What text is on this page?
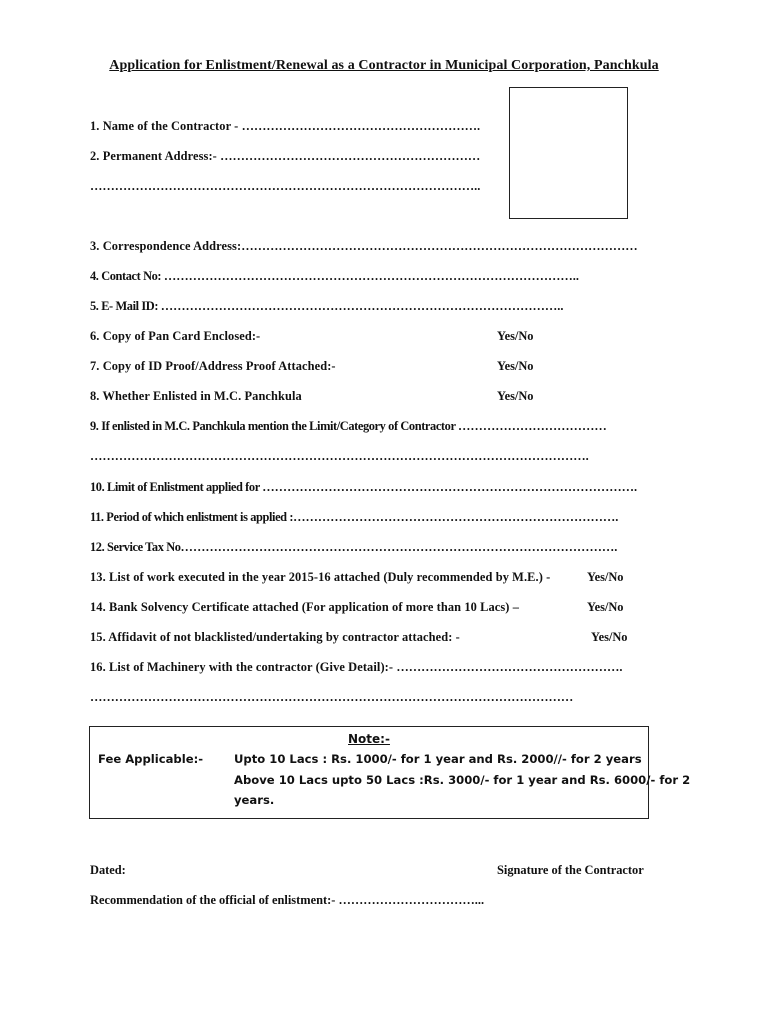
Application for Enlistment/Renewal as a Contractor in Municipal Corporation, Panchkula
1. Name of the Contractor - ………………………………………………….
2. Permanent Address:- ………………………………………………………
…………………………………………………………………………………..
3. Correspondence Address:……………………………………………………………………………………
4. Contact No: ………………………………………………………………………………………..
5. E- Mail ID: ……………………………………………………………………………………..
6. Copy of Pan Card Enclosed:-	Yes/No
7. Copy of ID Proof/Address Proof Attached:-	Yes/No
8. Whether Enlisted in M.C. Panchkula	Yes/No
9. If enlisted in M.C. Panchkula mention the Limit/Category of Contractor ………………………………
………………………………………………………………………………………………………….
10. Limit of Enlistment applied for ……………………………………………………………………………….
11. Period of which enlistment is applied :…………………………………………………………………….
12. Service Tax No…………………………………………………………………………………………….
13. List of work executed in the year 2015-16 attached (Duly recommended by M.E.) -	Yes/No
14. Bank Solvency Certificate attached (For application of more than 10 Lacs) –	Yes/No
15. Affidavit of not blacklisted/undertaking by contractor attached: -	Yes/No
16. List of Machinery with the contractor (Give Detail):- ……………………………………………….
………………………………………………………………………………………………………
Note:-
Fee Applicable:-	Upto 10 Lacs : Rs. 1000/- for 1 year and Rs. 2000//- for 2 years
Above 10 Lacs upto 50 Lacs :Rs. 3000/- for 1 year and Rs. 6000/- for 2
years.
Dated:	Signature of the Contractor
Recommendation of the official of enlistment:- ……………………………...
